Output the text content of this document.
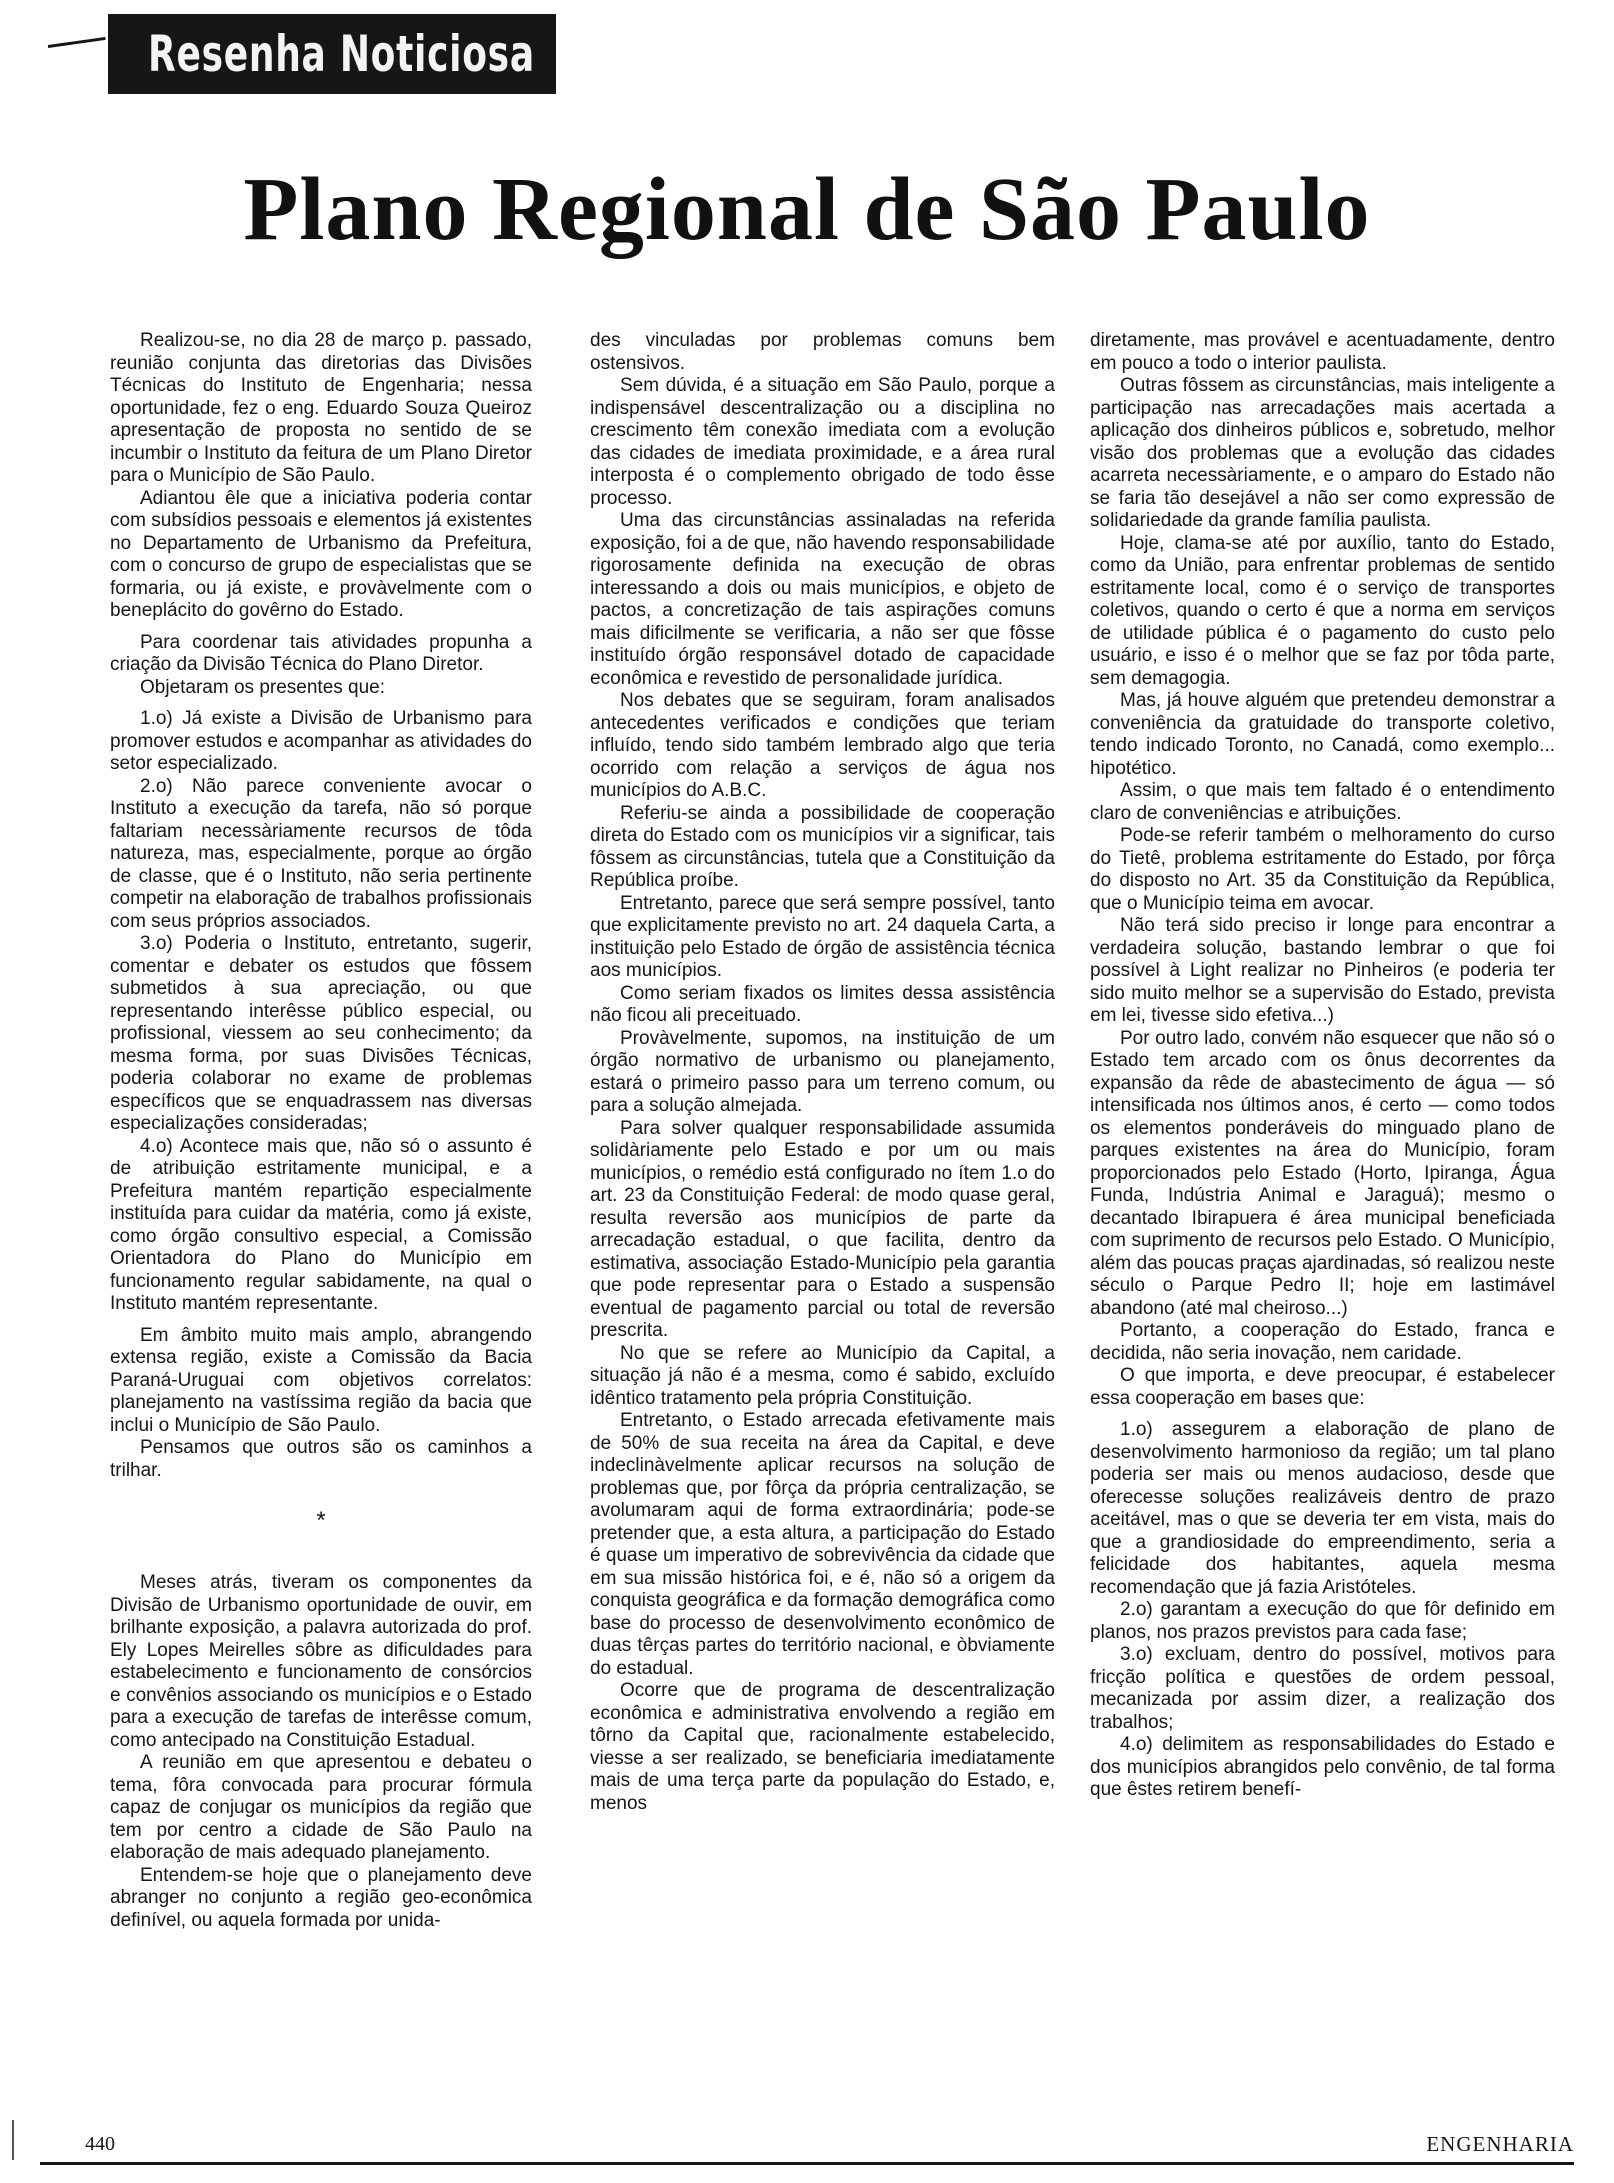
Resenha Noticiosa
Plano Regional de São Paulo

Realizou-se, no dia 28 de março p. passado, reunião conjunta das diretorias das Divisões Técnicas do Instituto de Engenharia; nessa oportunidade, fez o eng. Eduardo Souza Queiroz apresentação de proposta no sentido de se incumbir o Instituto da feitura de um Plano Diretor para o Município de São Paulo.

Adiantou êle que a iniciativa poderia contar com subsídios pessoais e elementos já existentes no Departamento de Urbanismo da Prefeitura, com o concurso de grupo de especialistas que se formaria, ou já existe, e provàvelmente com o beneplácito do govêrno do Estado.

Para coordenar tais atividades propunha a criação da Divisão Técnica do Plano Diretor.

Objetaram os presentes que:

1.o) Já existe a Divisão de Urbanismo para promover estudos e acompanhar as atividades do setor especializado.

2.o) Não parece conveniente avocar o Instituto a execução da tarefa, não só porque faltariam necessàriamente recursos de tôda natureza, mas, especialmente, porque ao órgão de classe, que é o Instituto, não seria pertinente competir na elaboração de trabalhos profissionais com seus próprios associados.

3.o) Poderia o Instituto, entretanto, sugerir, comentar e debater os estudos que fôssem submetidos à sua apreciação, ou que representando interêsse público especial, ou profissional, viessem ao seu conhecimento; da mesma forma, por suas Divisões Técnicas, poderia colaborar no exame de problemas específicos que se enquadrassem nas diversas especializações consideradas;

4.o) Acontece mais que, não só o assunto é de atribuição estritamente municipal, e a Prefeitura mantém repartição especialmente instituída para cuidar da matéria, como já existe, como órgão consultivo especial, a Comissão Orientadora do Plano do Município em funcionamento regular sabidamente, na qual o Instituto mantém representante.

Em âmbito muito mais amplo, abrangendo extensa região, existe a Comissão da Bacia Paraná-Uruguai com objetivos correlatos: planejamento na vastíssima região da bacia que inclui o Município de São Paulo.

Pensamos que outros são os caminhos a trilhar.

*

Meses atrás, tiveram os componentes da Divisão de Urbanismo oportunidade de ouvir, em brilhante exposição, a palavra autorizada do prof. Ely Lopes Meirelles sôbre as dificuldades para estabelecimento e funcionamento de consórcios e convênios associando os municípios e o Estado para a execução de tarefas de interêsse comum, como antecipado na Constituição Estadual.

A reunião em que apresentou e debateu o tema, fôra convocada para procurar fórmula capaz de conjugar os municípios da região que tem por centro a cidade de São Paulo na elaboração de mais adequado planejamento.

Entendem-se hoje que o planejamento deve abranger no conjunto a região geo-econômica definível, ou aquela formada por unida-

des vinculadas por problemas comuns bem ostensivos.

Sem dúvida, é a situação em São Paulo, porque a indispensável descentralização ou a disciplina no crescimento têm conexão imediata com a evolução das cidades de imediata proximidade, e a área rural interposta é o complemento obrigado de todo êsse processo.

Uma das circunstâncias assinaladas na referida exposição, foi a de que, não havendo responsabilidade rigorosamente definida na execução de obras interessando a dois ou mais municípios, e objeto de pactos, a concretização de tais aspirações comuns mais dificilmente se verificaria, a não ser que fôsse instituído órgão responsável dotado de capacidade econômica e revestido de personalidade jurídica.

Nos debates que se seguiram, foram analisados antecedentes verificados e condições que teriam influído, tendo sido também lembrado algo que teria ocorrido com relação a serviços de água nos municípios do A.B.C.

Referiu-se ainda a possibilidade de cooperação direta do Estado com os municípios vir a significar, tais fôssem as circunstâncias, tutela que a Constituição da República proíbe.

Entretanto, parece que será sempre possível, tanto que explicitamente previsto no art. 24 daquela Carta, a instituição pelo Estado de órgão de assistência técnica aos municípios.

Como seriam fixados os limites dessa assistência não ficou ali preceituado.

Provàvelmente, supomos, na instituição de um órgão normativo de urbanismo ou planejamento, estará o primeiro passo para um terreno comum, ou para a solução almejada.

Para solver qualquer responsabilidade assumida solidàriamente pelo Estado e por um ou mais municípios, o remédio está configurado no ítem 1.o do art. 23 da Constituição Federal: de modo quase geral, resulta reversão aos municípios de parte da arrecadação estadual, o que facilita, dentro da estimativa, associação Estado-Município pela garantia que pode representar para o Estado a suspensão eventual de pagamento parcial ou total de reversão prescrita.

No que se refere ao Município da Capital, a situação já não é a mesma, como é sabido, excluído idêntico tratamento pela própria Constituição.

Entretanto, o Estado arrecada efetivamente mais de 50% de sua receita na área da Capital, e deve indeclinàvelmente aplicar recursos na solução de problemas que, por fôrça da própria centralização, se avolumaram aqui de forma extraordinária; pode-se pretender que, a esta altura, a participação do Estado é quase um imperativo de sobrevivência da cidade que em sua missão histórica foi, e é, não só a origem da conquista geográfica e da formação demográfica como base do processo de desenvolvimento econômico de duas têrças partes do território nacional, e òbviamente do estadual.

Ocorre que de programa de descentralização econômica e administrativa envolvendo a região em tôrno da Capital que, racionalmente estabelecido, viesse a ser realizado, se beneficiaria imediatamente mais de uma terça parte da população do Estado, e, menos

diretamente, mas provável e acentuadamente, dentro em pouco a todo o interior paulista.

Outras fôssem as circunstâncias, mais inteligente a participação nas arrecadações mais acertada a aplicação dos dinheiros públicos e, sobretudo, melhor visão dos problemas que a evolução das cidades acarreta necessàriamente, e o amparo do Estado não se faria tão desejável a não ser como expressão de solidariedade da grande família paulista.

Hoje, clama-se até por auxílio, tanto do Estado, como da União, para enfrentar problemas de sentido estritamente local, como é o serviço de transportes coletivos, quando o certo é que a norma em serviços de utilidade pública é o pagamento do custo pelo usuário, e isso é o melhor que se faz por tôda parte, sem demagogia.

Mas, já houve alguém que pretendeu demonstrar a conveniência da gratuidade do transporte coletivo, tendo indicado Toronto, no Canadá, como exemplo... hipotético.

Assim, o que mais tem faltado é o entendimento claro de conveniências e atribuições.

Pode-se referir também o melhoramento do curso do Tietê, problema estritamente do Estado, por fôrça do disposto no Art. 35 da Constituição da República, que o Município teima em avocar.

Não terá sido preciso ir longe para encontrar a verdadeira solução, bastando lembrar o que foi possível à Light realizar no Pinheiros (e poderia ter sido muito melhor se a supervisão do Estado, prevista em lei, tivesse sido efetiva...)

Por outro lado, convém não esquecer que não só o Estado tem arcado com os ônus decorrentes da expansão da rêde de abastecimento de água — só intensificada nos últimos anos, é certo — como todos os elementos ponderáveis do minguado plano de parques existentes na área do Município, foram proporcionados pelo Estado (Horto, Ipiranga, Água Funda, Indústria Animal e Jaraguá); mesmo o decantado Ibirapuera é área municipal beneficiada com suprimento de recursos pelo Estado. O Município, além das poucas praças ajardinadas, só realizou neste século o Parque Pedro II; hoje em lastimável abandono (até mal cheiroso...)

Portanto, a cooperação do Estado, franca e decidida, não seria inovação, nem caridade.

O que importa, e deve preocupar, é estabelecer essa cooperação em bases que:

1.o) assegurem a elaboração de plano de desenvolvimento harmonioso da região; um tal plano poderia ser mais ou menos audacioso, desde que oferecesse soluções realizáveis dentro de prazo aceitável, mas o que se deveria ter em vista, mais do que a grandiosidade do empreendimento, seria a felicidade dos habitantes, aquela mesma recomendação que já fazia Aristóteles.

2.o) garantam a execução do que fôr definido em planos, nos prazos previstos para cada fase;

3.o) excluam, dentro do possível, motivos para fricção política e questões de ordem pessoal, mecanizada por assim dizer, a realização dos trabalhos;

4.o) delimitem as responsabilidades do Estado e dos municípios abrangidos pelo convênio, de tal forma que êstes retirem benefí-

440	ENGENHARIA
